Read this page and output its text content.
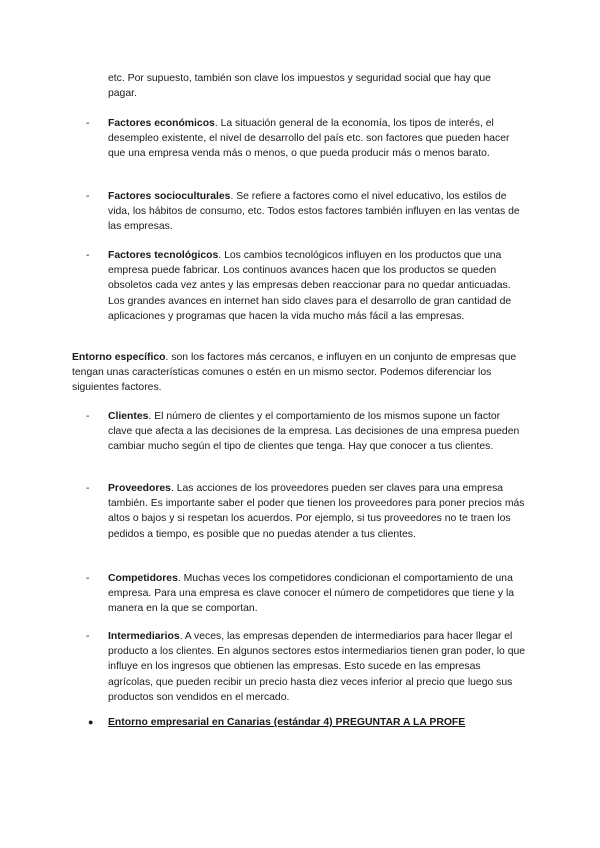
etc. Por supuesto, también son clave los impuestos y seguridad social que hay que pagar.
- Factores económicos. La situación general de la economía, los tipos de interés, el desempleo existente, el nivel de desarrollo del país etc. son factores que pueden hacer que una empresa venda más o menos, o que pueda producir más o menos barato.
- Factores socioculturales. Se refiere a factores como el nivel educativo, los estilos de vida, los hábitos de consumo, etc. Todos estos factores también influyen en las ventas de las empresas.
- Factores tecnológicos. Los cambios tecnológicos influyen en los productos que una empresa puede fabricar. Los continuos avances hacen que los productos se queden obsoletos cada vez antes y las empresas deben reaccionar para no quedar anticuadas. Los grandes avances en internet han sido claves para el desarrollo de gran cantidad de aplicaciones y programas que hacen la vida mucho más fácil a las empresas.
Entorno específico. son los factores más cercanos, e influyen en un conjunto de empresas que tengan unas características comunes o estén en un mismo sector. Podemos diferenciar los siguientes factores.
- Clientes. El número de clientes y el comportamiento de los mismos supone un factor clave que afecta a las decisiones de la empresa. Las decisiones de una empresa pueden cambiar mucho según el tipo de clientes que tenga. Hay que conocer a tus clientes.
- Proveedores. Las acciones de los proveedores pueden ser claves para una empresa también. Es importante saber el poder que tienen los proveedores para poner precios más altos o bajos y si respetan los acuerdos. Por ejemplo, si tus proveedores no te traen los pedidos a tiempo, es posible que no puedas atender a tus clientes.
- Competidores. Muchas veces los competidores condicionan el comportamiento de una empresa. Para una empresa es clave conocer el número de competidores que tiene y la manera en la que se comportan.
- Intermediarios. A veces, las empresas dependen de intermediarios para hacer llegar el producto a los clientes. En algunos sectores estos intermediarios tienen gran poder, lo que influye en los ingresos que obtienen las empresas. Esto sucede en las empresas agrícolas, que pueden recibir un precio hasta diez veces inferior al precio que luego sus productos son vendidos en el mercado.
● Entorno empresarial en Canarias (estándar 4) PREGUNTAR A LA PROFE
